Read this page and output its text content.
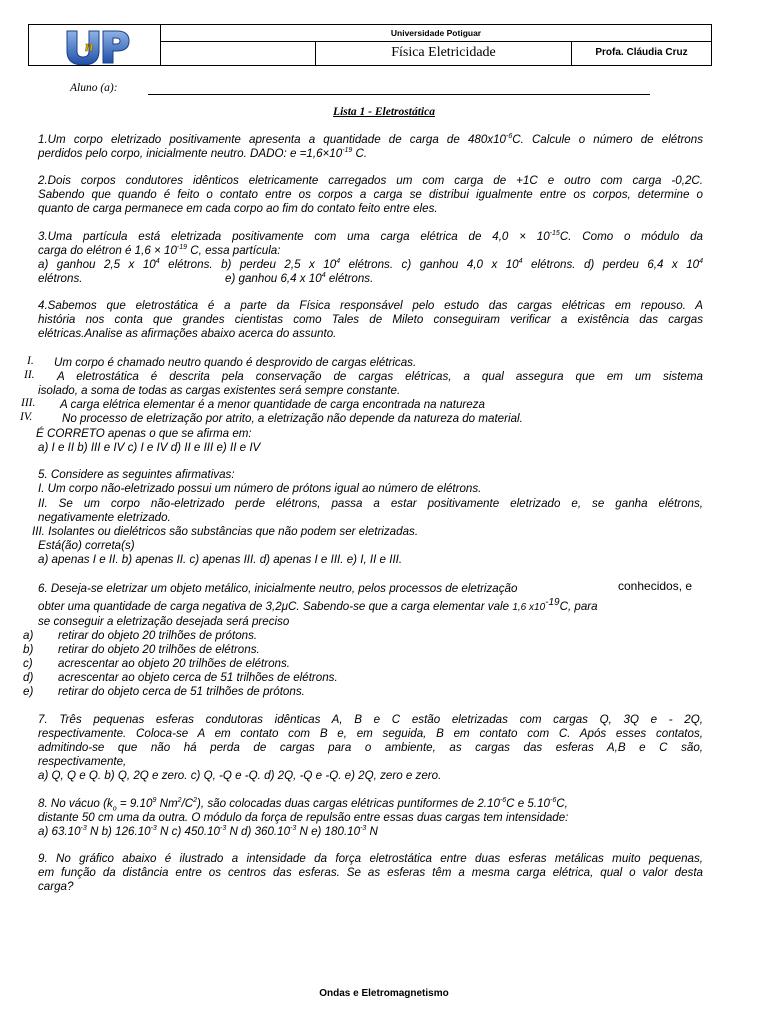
n
Universidade Potiguar
Física Eletricidade	Profa. Cláudia Cruz
Aluno (a):
Lista 1 - Eletrostática
1.Um corpo eletrizado positivamente apresenta a quantidade de carga de $480x10^{-6}C$. Calcule o número de elétrons
perdidos pelo corpo, inicialmente neutro. DADO: $e =1,6\times 10^{-19}$ C.
2.Dois corpos condutores idênticos eletricamente carregados um com carga de +1C e outro com carga -0,2C.
Sabendo que quando é feito o contato entre os corpos a carga se distribui igualmente entre os corpos, determine o
quanto de carga permanece em cada corpo ao fim do contato feito entre eles.
3.Uma partícula está eletrizada positivamente com uma carga elétrica de $4,0 \times 10^{-15}C$. Como o módulo da
carga do elétron é $1,6 \times 10^{-19}$ C, essa partícula:
a) ganhou 2,5 x $10^4$ elétrons. b) perdeu 2,5 x $10^4$ elétrons. c) ganhou 4,0 x $10^4$ elétrons. d) perdeu 6,4 x $10^4$
elétrons.	e) ganhou 6,4 x $10^4$ elétrons.
4.Sabemos que eletrostática é a parte da Física responsável pelo estudo das cargas elétricas em repouso. A
história nos conta que grandes cientistas como Tales de Mileto conseguiram verificar a existência das cargas
elétricas.Analise as afirmações abaixo acerca do assunto.
I. Um corpo é chamado neutro quando é desprovido de cargas elétricas.
II. A eletrostática é descrita pela conservação de cargas elétricas, a qual assegura que em um sistema
isolado, a soma de todas as cargas existentes será sempre constante.
III. A carga elétrica elementar é a menor quantidade de carga encontrada na natureza
IV.	No processo de eletrização por atrito, a eletrização não depende da natureza do material.
É CORRETO apenas o que se afirma em:
a) I e II b) III e IV c) I e IV d) II e III e) II e IV
5. Considere as seguintes afirmativas:
I. Um corpo não-eletrizado possui um número de prótons igual ao número de elétrons.
II. Se um corpo não-eletrizado perde elétrons, passa a estar positivamente eletrizado e, se ganha elétrons,
negativamente eletrizado.
III. Isolantes ou dielétricos são substâncias que não podem ser eletrizadas.
Está(ão) correta(s)
a) apenas I e II. b) apenas II. c) apenas III. d) apenas I e III. e) I, II e III.
6. Deseja-se eletrizar um objeto metálico, inicialmente neutro, pelos processos de eletrização	conhecidos, e
obter uma quantidade de carga negativa de 3,2μC. Sabendo-se que a carga elementar vale 1,6 $x10^{-19}C$, para
se conseguir a eletrização desejada será preciso
a) retirar do objeto 20 trilhões de prótons.
b) retirar do objeto 20 trilhões de elétrons.
c) acrescentar ao objeto 20 trilhões de elétrons.
d) acrescentar ao objeto cerca de 51 trilhões de elétrons.
e) retirar do objeto cerca de 51 trilhões de prótons.
7. Três pequenas esferas condutoras idênticas A, B e C estão eletrizadas com cargas Q, 3Q e - 2Q,
respectivamente. Coloca-se A em contato com B e, em seguida, B em contato com C. Após esses contatos,
admitindo-se que não há perda de cargas para o ambiente, as cargas das esferas A,B e C são,
respectivamente,
a) Q, Q e Q. b) Q, 2Q e zero. c) Q, -Q e -Q. d) 2Q, -Q e -Q. e) 2Q, zero e zero.
8. No vácuo ($k_o = 9.10^9$ $Nm^2/C^2$), são colocadas duas cargas elétricas puntiformes de $2.10^{-6}C$ e $5.10^{-6}C$,
distante 50 cm uma da outra. O módulo da força de repulsão entre essas duas cargas tem intensidade:
a) $63.10^{-3}$ N b) $126.10^{-3}$ N c) $450.10^{-3}$ N d) $360.10^{-3}$ N e) $180.10^{-3}$ N
9. No gráfico abaixo é ilustrado a intensidade da força eletrostática entre duas esferas metálicas muito pequenas,
em função da distância entre os centros das esferas. Se as esferas têm a mesma carga elétrica, qual o valor desta
carga?
Ondas e Eletromagnetismo
